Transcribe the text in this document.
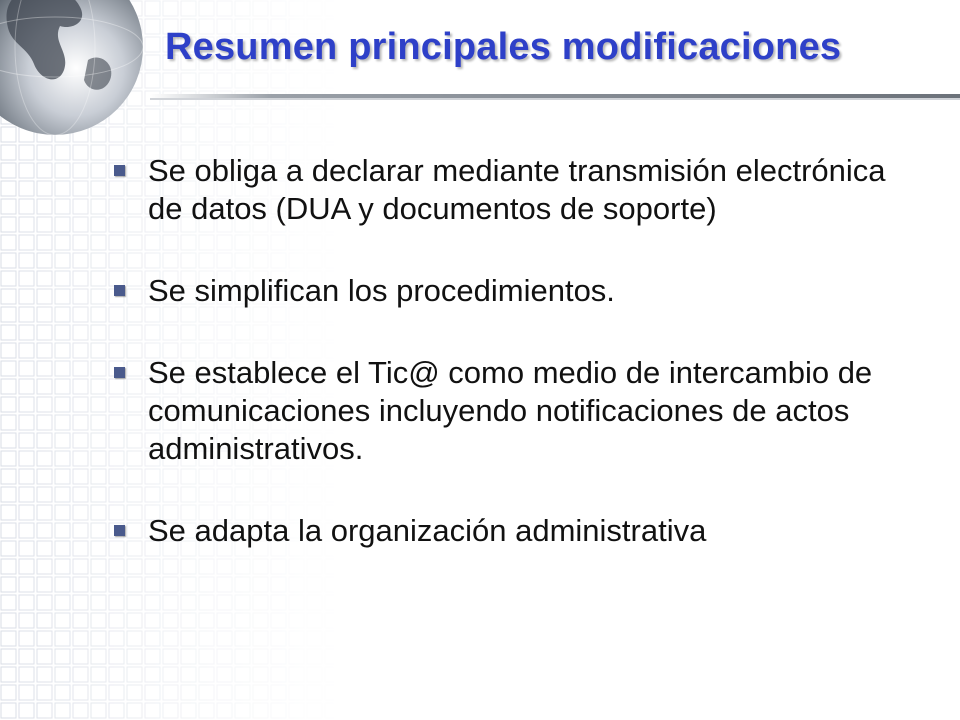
Resumen principales modificaciones
Se obliga a declarar mediante transmisión electrónica de datos (DUA y documentos de soporte)
Se simplifican los procedimientos.
Se establece el Tic@ como medio de intercambio de comunicaciones incluyendo notificaciones de actos administrativos.
Se adapta la organización administrativa
